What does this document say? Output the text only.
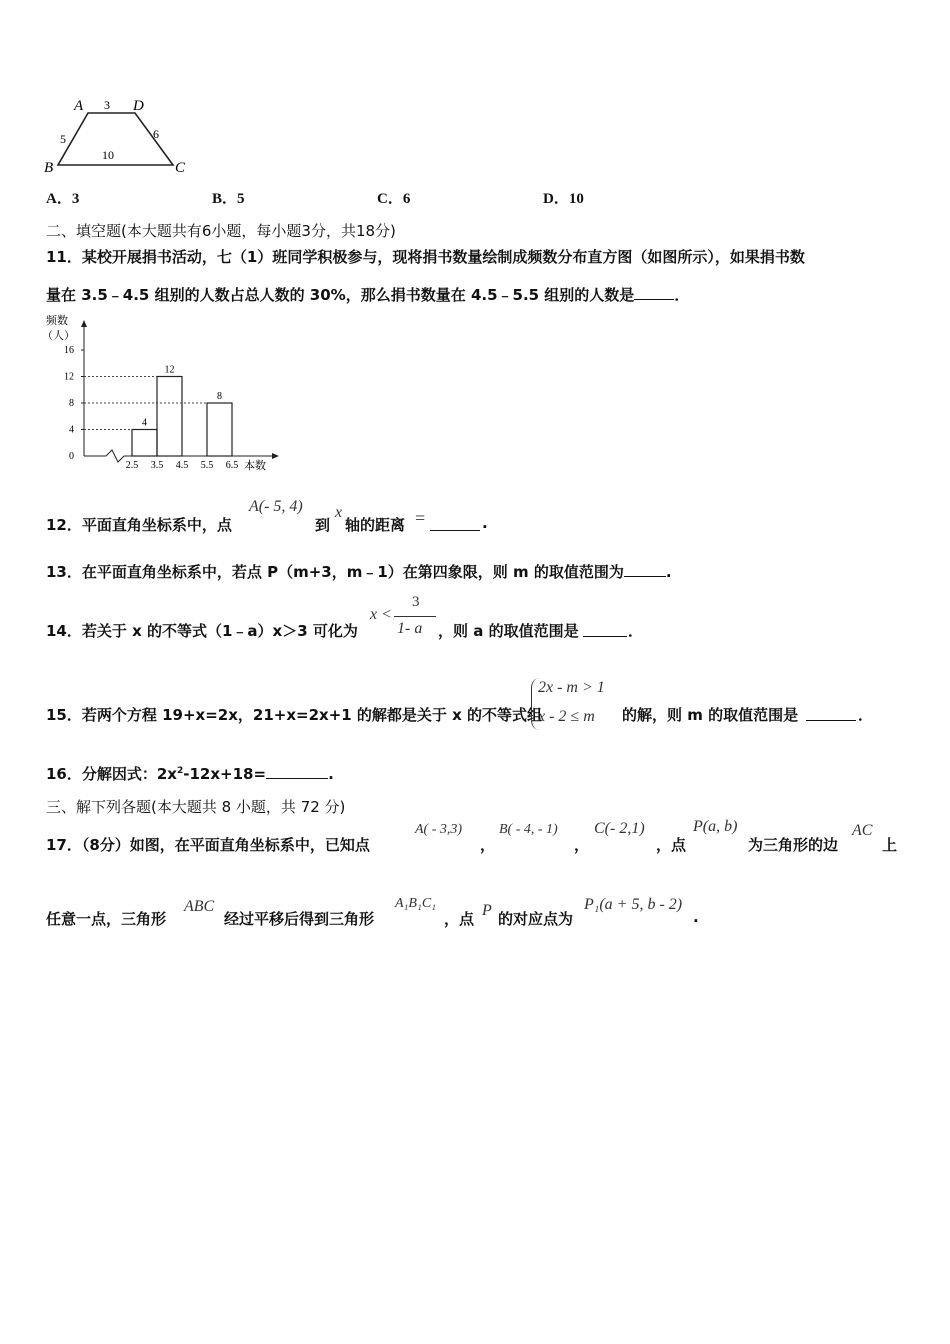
A	D
B	C
3
5	6
10
A．3	B．5	C．6	D．10
二、填空题(本大题共有6小题，每小题3分，共18分)
11．某校开展捐书活动，七（1）班同学积极参与，现将捐书数量绘制成频数分布直方图（如图所示），如果捐书数
量在 3.5﹣4.5 组别的人数占总人数的 30%，那么捐书数量在 4.5﹣5.5 组别的人数是	．
频数
（人）
本数
0
4
8
12
16
4
12
8
2.5 3.5 4.5 5.5 6.5
12．平面直角坐标系中，点
A(- 5, 4)
到
x
轴的距离 =	.
13．在平面直角坐标系中，若点 P（m+3，m﹣1）在第四象限，则 m 的取值范围为	.
14．若关于 x 的不等式（1﹣a）x＞3 可化为
x <
3
1- a ，则 a 的取值范围是	．
15．若两个方程 19+x=2x，21+x=2x+1 的解都是关于 x 的不等式组
2x - m > 1
x - 2 ≤ m 的解，则 m 的取值范围是	．
16．分解因式：$2x^2-12x+18=$	.
三、解下列各题(本大题共 8 小题，共 72 分)
17．（8分）如图，在平面直角坐标系中，已知点
A( - 3,3)
，
B( - 4, - 1)
，
C(- 2,1)
，点
P(a, b)
为三角形的边
AC
上
任意一点，三角形
ABC
经过平移后得到三角形
A₁B₁C₁
，点 P 的对应点为
P₁(a + 5, b - 2)
.
